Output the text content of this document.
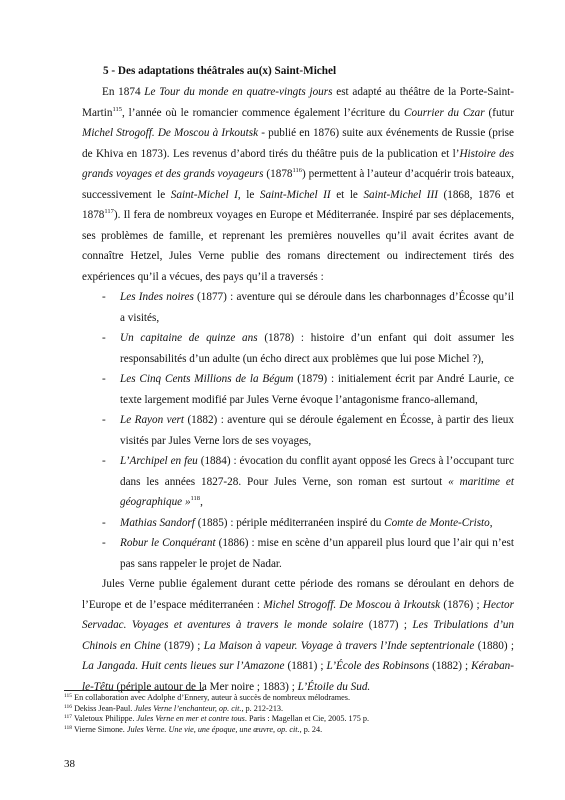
5 - Des adaptations théâtrales au(x) Saint-Michel

En 1874 Le Tour du monde en quatre-vingts jours est adapté au théâtre de la Porte-Saint-Martin$^{115}$, l’année où le romancier commence également l’écriture du Courrier du Czar (futur Michel Strogoff. De Moscou à Irkoutsk - publié en 1876) suite aux événements de Russie (prise de Khiva en 1873). Les revenus d’abord tirés du théâtre puis de la publication et l’Histoire des grands voyages et des grands voyageurs (1878$^{116}$) permettent à l’auteur d’acquérir trois bateaux, successivement le Saint-Michel I, le Saint-Michel II et le Saint-Michel III (1868, 1876 et 1878$^{117}$). Il fera de nombreux voyages en Europe et Méditerranée. Inspiré par ses déplacements, ses problèmes de famille, et reprenant les premières nouvelles qu’il avait écrites avant de connaître Hetzel, Jules Verne publie des romans directement ou indirectement tirés des expériences qu’il a vécues, des pays qu’il a traversés :

- Les Indes noires (1877) : aventure qui se déroule dans les charbonnages d’Écosse qu’il a visités,
- Un capitaine de quinze ans (1878) : histoire d’un enfant qui doit assumer les responsabilités d’un adulte (un écho direct aux problèmes que lui pose Michel ?),
- Les Cinq Cents Millions de la Bégum (1879) : initialement écrit par André Laurie, ce texte largement modifié par Jules Verne évoque l’antagonisme franco-allemand,
- Le Rayon vert (1882) : aventure qui se déroule également en Écosse, à partir des lieux visités par Jules Verne lors de ses voyages,
- L’Archipel en feu (1884) : évocation du conflit ayant opposé les Grecs à l’occupant turc dans les années 1827-28. Pour Jules Verne, son roman est surtout « maritime et géographique »$^{118}$,
- Mathias Sandorf (1885) : périple méditerranéen inspiré du Comte de Monte-Cristo,
- Robur le Conquérant (1886) : mise en scène d’un appareil plus lourd que l’air qui n’est pas sans rappeler le projet de Nadar.

Jules Verne publie également durant cette période des romans se déroulant en dehors de l’Europe et de l’espace méditerranéen : Michel Strogoff. De Moscou à Irkoutsk (1876) ; Hector Servadac. Voyages et aventures à travers le monde solaire (1877) ; Les Tribulations d’un Chinois en Chine (1879) ; La Maison à vapeur. Voyage à travers l’Inde septentrionale (1880) ; La Jangada. Huit cents lieues sur l’Amazone (1881) ; L’École des Robinsons (1882) ; Kéraban-le-Têtu (périple autour de la Mer noire ; 1883) ; L’Étoile du Sud.

$^{115}$ En collaboration avec Adolphe d’Ennery, auteur à succès de nombreux mélodrames.
$^{116}$ Dekiss Jean-Paul. Jules Verne l’enchanteur, op. cit., p. 212-213.
$^{117}$ Valetoux Philippe. Jules Verne en mer et contre tous. Paris : Magellan et Cie, 2005. 175 p.
$^{118}$ Vierne Simone. Jules Verne. Une vie, une époque, une œuvre, op. cit., p. 24.
38
